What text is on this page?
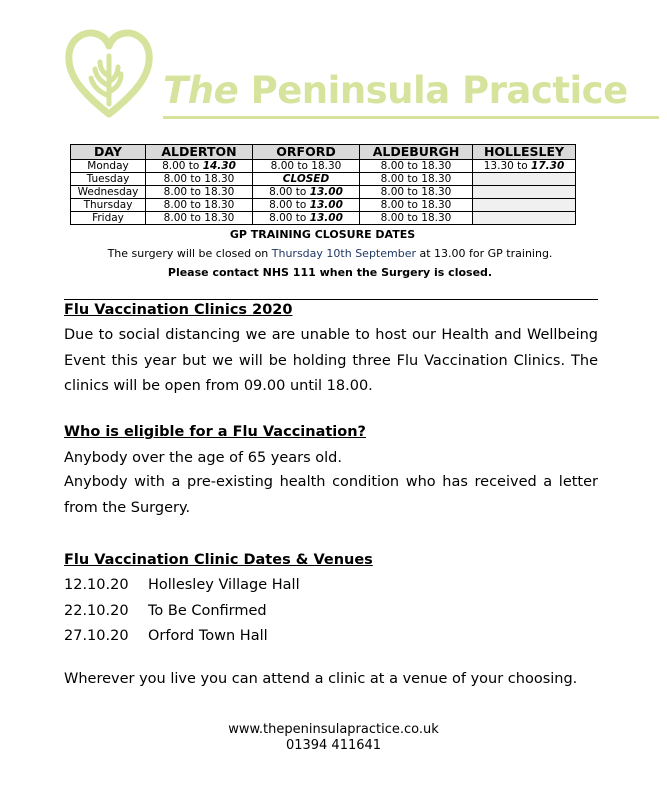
The Peninsula Practice
DAY	ALDERTON	ORFORD	ALDEBURGH	HOLLESLEY
Monday	8.00 to 14.30	8.00 to 18.30	8.00 to 18.30	13.30 to 17.30
Tuesday	8.00 to 18.30	CLOSED	8.00 to 18.30	
Wednesday	8.00 to 18.30	8.00 to 13.00	8.00 to 18.30	
Thursday	8.00 to 18.30	8.00 to 13.00	8.00 to 18.30	
Friday	8.00 to 18.30	8.00 to 13.00	8.00 to 18.30	
GP TRAINING CLOSURE DATES
The surgery will be closed on Thursday 10th September at 13.00 for GP training.
Please contact NHS 111 when the Surgery is closed.
Flu Vaccination Clinics 2020
Due to social distancing we are unable to host our Health and Wellbeing Event this year but we will be holding three Flu Vaccination Clinics. The clinics will be open from 09.00 until 18.00.
Who is eligible for a Flu Vaccination?
Anybody over the age of 65 years old.
Anybody with a pre-existing health condition who has received a letter from the Surgery.
Flu Vaccination Clinic Dates & Venues
12.10.20 Hollesley Village Hall
22.10.20 To Be Confirmed
27.10.20 Orford Town Hall
Wherever you live you can attend a clinic at a venue of your choosing.
www.thepeninsulapractice.co.uk
01394 411641
